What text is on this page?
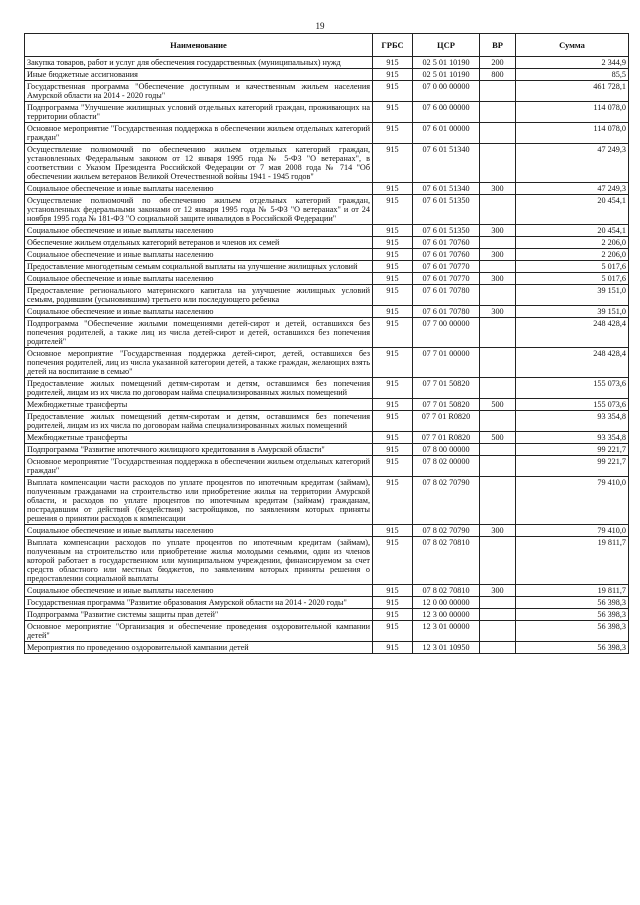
19
Наименование	ГРБС	ЦСР	ВР	Сумма
Закупка товаров, работ и услуг для обеспечения государственных (муниципальных) нужд	915	02 5 01 10190	200	2 344,9
Иные бюджетные ассигнования	915	02 5 01 10190	800	85,5
Государственная программа "Обеспечение доступным и качественным жильем населения Амурской области на 2014 - 2020 годы"	915	07 0 00 00000		461 728,1
Подпрограмма "Улучшение жилищных условий отдельных категорий граждан, проживающих на территории области"	915	07 6 00 00000		114 078,0
Основное мероприятие "Государственная поддержка в обеспечении жильем отдельных категорий граждан"	915	07 6 01 00000		114 078,0
Осуществление полномочий по обеспечению жильем отдельных категорий граждан, установленных Федеральным законом от 12 января 1995 года № 5-ФЗ "О ветеранах", в соответствии с Указом Президента Российской Федерации от 7 мая 2008 года № 714 "Об обеспечении жильем ветеранов Великой Отечественной войны 1941 - 1945 годов"	915	07 6 01 51340		47 249,3
Социальное обеспечение и иные выплаты населению	915	07 6 01 51340	300	47 249,3
Осуществление полномочий по обеспечению жильем отдельных категорий граждан, установленных федеральными законами от 12 января 1995 года № 5-ФЗ "О ветеранах" и от 24 ноября 1995 года № 181-ФЗ "О социальной защите инвалидов в Российской Федерации"	915	07 6 01 51350		20 454,1
Социальное обеспечение и иные выплаты населению	915	07 6 01 51350	300	20 454,1
Обеспечение жильем отдельных категорий ветеранов и членов их семей	915	07 6 01 70760		2 206,0
Социальное обеспечение и иные выплаты населению	915	07 6 01 70760	300	2 206,0
Предоставление многодетным семьям социальной выплаты на улучшение жилищных условий	915	07 6 01 70770		5 017,6
Социальное обеспечение и иные выплаты населению	915	07 6 01 70770	300	5 017,6
Предоставление регионального материнского капитала на улучшение жилищных условий семьям, родившим (усыновившим) третьего или последующего ребенка	915	07 6 01 70780		39 151,0
Социальное обеспечение и иные выплаты населению	915	07 6 01 70780	300	39 151,0
Подпрограмма "Обеспечение жилыми помещениями детей-сирот и детей, оставшихся без попечения родителей, а также лиц из числа детей-сирот и детей, оставшихся без попечения родителей"	915	07 7 00 00000		248 428,4
Основное мероприятие "Государственная поддержка детей-сирот, детей, оставшихся без попечения родителей, лиц из числа указанной категории детей, а также граждан, желающих взять детей на воспитание в семью"	915	07 7 01 00000		248 428,4
Предоставление жилых помещений детям-сиротам и детям, оставшимся без попечения родителей, лицам из их числа по договорам найма специализированных жилых помещений	915	07 7 01 50820		155 073,6
Межбюджетные трансферты	915	07 7 01 50820	500	155 073,6
Предоставление жилых помещений детям-сиротам и детям, оставшимся без попечения родителей, лицам из их числа по договорам найма специализированных жилых помещений	915	07 7 01 R0820		93 354,8
Межбюджетные трансферты	915	07 7 01 R0820	500	93 354,8
Подпрограмма "Развитие ипотечного жилищного кредитования в Амурской области"	915	07 8 00 00000		99 221,7
Основное мероприятие "Государственная поддержка в обеспечении жильем отдельных категорий граждан"	915	07 8 02 00000		99 221,7
Выплата компенсации части расходов по уплате процентов по ипотечным кредитам (займам), полученным гражданами на строительство или приобретение жилья на территории Амурской области, и расходов по уплате процентов по ипотечным кредитам (займам) гражданам, пострадавшим от действий (бездействия) застройщиков, по заявлениям которых приняты решения о принятии расходов к компенсации	915	07 8 02 70790		79 410,0
Социальное обеспечение и иные выплаты населению	915	07 8 02 70790	300	79 410,0
Выплата компенсации расходов по уплате процентов по ипотечным кредитам (займам), полученным на строительство или приобретение жилья молодыми семьями, один из членов которой работает в государственном или муниципальном учреждении, финансируемом за счет средств областного или местных бюджетов, по заявлениям которых приняты решения о предоставлении социальной выплаты	915	07 8 02 70810		19 811,7
Социальное обеспечение и иные выплаты населению	915	07 8 02 70810	300	19 811,7
Государственная программа "Развитие образования Амурской области на 2014 - 2020 годы"	915	12 0 00 00000		56 398,3
Подпрограмма "Развитие системы защиты прав детей"	915	12 3 00 00000		56 398,3
Основное мероприятие "Организация и обеспечение проведения оздоровительной кампании детей"	915	12 3 01 00000		56 398,3
Мероприятия по проведению оздоровительной кампании детей	915	12 3 01 10950		56 398,3
